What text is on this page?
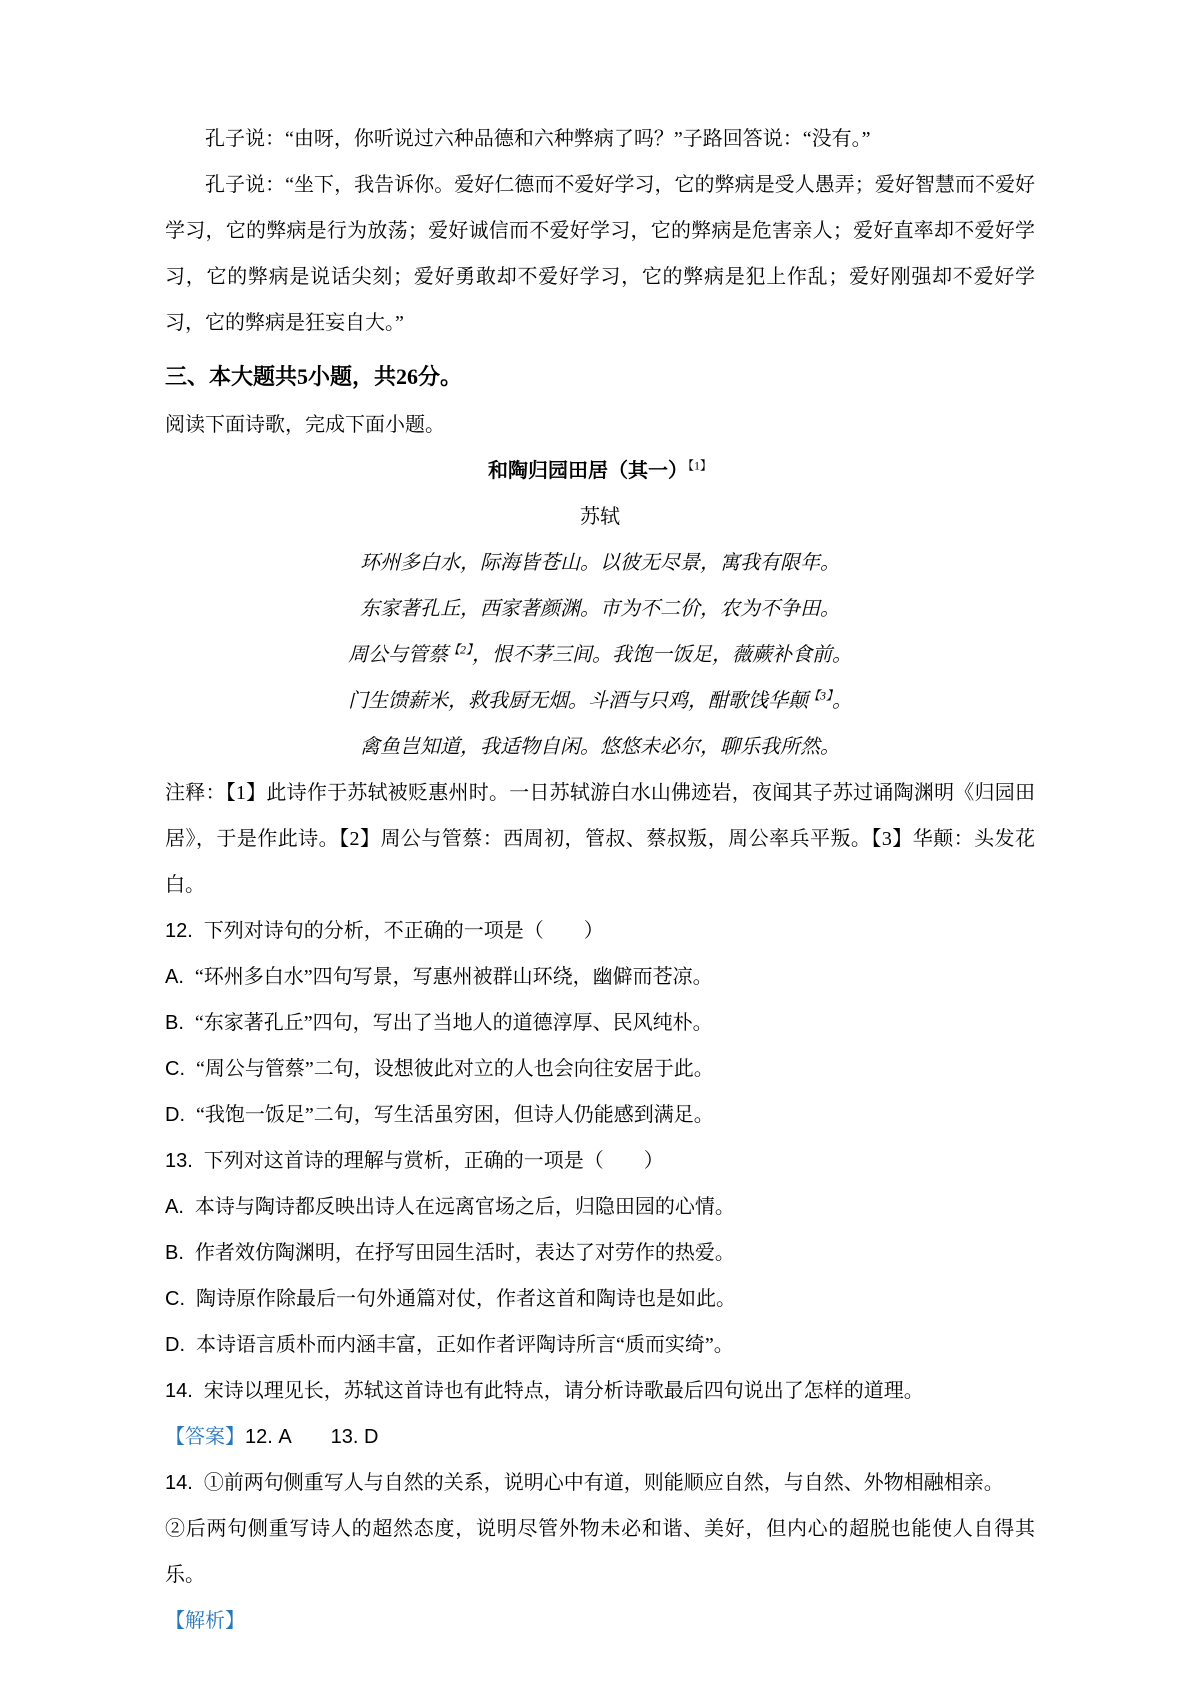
孔子说：“由呀，你听说过六种品德和六种弊病了吗？”子路回答说：“没有。”

孔子说：“坐下，我告诉你。爱好仁德而不爱好学习，它的弊病是受人愚弄；爱好智慧而不爱好学习，它的弊病是行为放荡；爱好诚信而不爱好学习，它的弊病是危害亲人；爱好直率却不爱好学习，它的弊病是说话尖刻；爱好勇敢却不爱好学习，它的弊病是犯上作乱；爱好刚强却不爱好学习，它的弊病是狂妄自大。”

三、本大题共5小题，共26分。

阅读下面诗歌，完成下面小题。

和陶归园田居（其一）$^{【1】}$

苏轼

环州多白水，际海皆苍山。以彼无尽景，寓我有限年。

东家著孔丘，西家著颜渊。市为不二价，农为不争田。

周公与管蔡$^{【2】}$，恨不茅三间。我饱一饭足，薇蕨补食前。

门生馈薪米，救我厨无烟。斗酒与只鸡，酣歌饯华颠$^{【3】}$。

禽鱼岂知道，我适物自闲。悠悠未必尔，聊乐我所然。

注释：【1】此诗作于苏轼被贬惠州时。一日苏轼游白水山佛迹岩，夜闻其子苏过诵陶渊明《归园田居》，于是作此诗。【2】周公与管蔡：西周初，管叔、蔡叔叛，周公率兵平叛。【3】华颠：头发花白。

12. 下列对诗句的分析，不正确的一项是（　　）

A. “环州多白水”四句写景，写惠州被群山环绕，幽僻而苍凉。

B. “东家著孔丘”四句，写出了当地人的道德淳厚、民风纯朴。

C. “周公与管蔡”二句，设想彼此对立的人也会向往安居于此。

D. “我饱一饭足”二句，写生活虽穷困，但诗人仍能感到满足。

13. 下列对这首诗的理解与赏析，正确的一项是（　　）

A. 本诗与陶诗都反映出诗人在远离官场之后，归隐田园的心情。

B. 作者效仿陶渊明，在抒写田园生活时，表达了对劳作的热爱。

C. 陶诗原作除最后一句外通篇对仗，作者这首和陶诗也是如此。

D. 本诗语言质朴而内涵丰富，正如作者评陶诗所言“质而实绮”。

14. 宋诗以理见长，苏轼这首诗也有此特点，请分析诗歌最后四句说出了怎样的道理。

【答案】12. A　　13. D

14. ①前两句侧重写人与自然的关系，说明心中有道，则能顺应自然，与自然、外物相融相亲。

②后两句侧重写诗人的超然态度，说明尽管外物未必和谐、美好，但内心的超脱也能使人自得其乐。

【解析】
